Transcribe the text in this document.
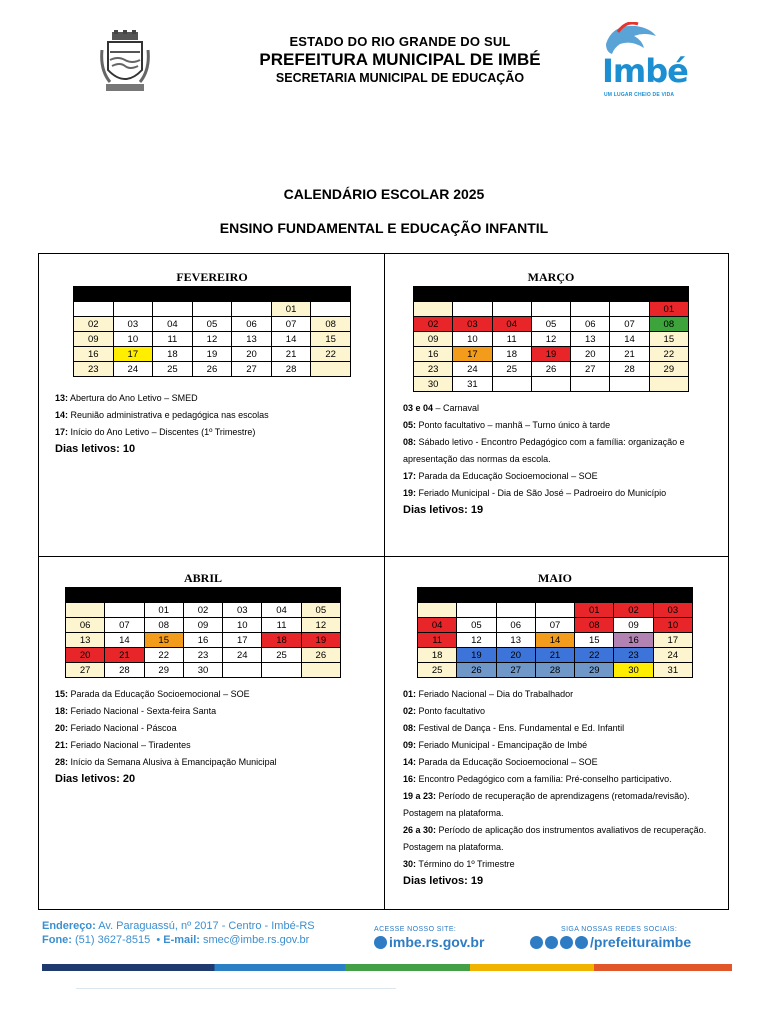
ESTADO DO RIO GRANDE DO SUL
PREFEITURA MUNICIPAL DE IMBÉ
SECRETARIA MUNICIPAL DE EDUCAÇÃO	Imbé
UM LUGAR CHEIO DE VIDA
CALENDÁRIO ESCOLAR 2025
ENSINO FUNDAMENTAL E EDUCAÇÃO INFANTIL
FEVEREIRO

					01	
02	03	04	05	06	07	08
09	10	11	12	13	14	15
16	17	18	19	20	21	22
23	24	25	26	27	28	
13: Abertura do Ano Letivo – SMED
14: Reunião administrativa e pedagógica nas escolas
17: Início do Ano Letivo – Discentes (1º Trimestre)
Dias letivos: 10
MARÇO

						01
02	03	04	05	06	07	08
09	10	11	12	13	14	15
16	17	18	19	20	21	22
23	24	25	26	27	28	29
30	31					
03 e 04 – Carnaval
05: Ponto facultativo – manhã – Turno único à tarde
08: Sábado letivo - Encontro Pedagógico com a família: organização e apresentação das normas da escola.
17: Parada da Educação Socioemocional – SOE
19: Feriado Municipal - Dia de São José – Padroeiro do Município
Dias letivos: 19
ABRIL

		01	02	03	04	05
06	07	08	09	10	11	12
13	14	15	16	17	18	19
20	21	22	23	24	25	26
27	28	29	30			
15: Parada da Educação Socioemocional – SOE
18: Feriado Nacional - Sexta-feira Santa
20: Feriado Nacional - Páscoa
21: Feriado Nacional – Tiradentes
28: Início da Semana Alusiva à Emancipação Municipal
Dias letivos: 20
MAIO

				01	02	03
04	05	06	07	08	09	10
11	12	13	14	15	16	17
18	19	20	21	22	23	24
25	26	27	28	29	30	31
01: Feriado Nacional – Dia do Trabalhador
02: Ponto facultativo
08: Festival de Dança - Ens. Fundamental e Ed. Infantil
09: Feriado Municipal - Emancipação de Imbé
14: Parada da Educação Socioemocional – SOE
16: Encontro Pedagógico com a família: Pré-conselho participativo.
19 a 23: Período de recuperação de aprendizagens (retomada/revisão). Postagem na plataforma.
26 a 30: Período de aplicação dos instrumentos avaliativos de recuperação. Postagem na plataforma.
30: Término do 1º Trimestre
Dias letivos: 19
Endereço: Av. Paraguassú, nº 2017 - Centro - Imbé-RS
Fone: (51) 3627-8515  • E-mail: smec@imbe.rs.gov.br
ACESSE NOSSO SITE:
imbe.rs.gov.br
SIGA NOSSAS REDES SOCIAIS:
/prefeituraimbe
